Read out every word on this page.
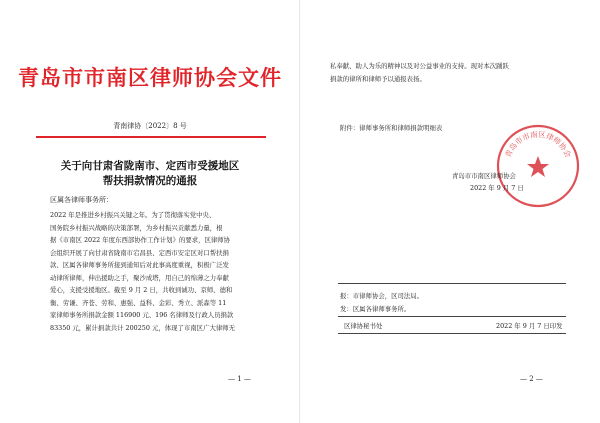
青岛市市南区律师协会文件
青南律协〔2022〕8 号
关于向甘肃省陇南市、定西市受援地区
帮扶捐款情况的通报
区属各律师事务所：
2022 年是推进乡村振兴关键之年。为了贯彻落实党中央、
国务院乡村振兴战略的决策部署，为乡村振兴贡献悉力量，根
据《市南区 2022 年度东西部协作工作计划》的要求，区律师协
会组织开展了向甘肃省陇南市宕昌县、定西市安定区对口帮扶捐
款、区属各律师事务所接到通知后对此事高度重视，积极广泛发
动律所律师，伸出援助之手，聚沙成塔，用自己的绵薄之力奉献
爱心，支援受援地区。截至 9 月 2 日，共收到诚功、京师、德和
衡、劳谦、齐苍、劳和、惠强、益科、金彩、秀立、派森等 11
家律师事务所捐款金额 116900 元、196 名律师及行政人员捐款
83350 元，累计捐款共计 200250 元，体现了市南区广大律师无
— 1 —
私奉献、助人为乐的精神以及对公益事业的支持。现对本次踊跃
捐款的律所和律师予以通报表扬。
附件：律师事务所和律师捐款明细表
青岛市市南区律师协会
青岛市市南区律师协会
2022 年 9 月 7 日
报：市律师协会，区司法局。
发：区属各律师事务所。
区律协秘书处	2022 年 9 月 7 日印发
— 2 —
